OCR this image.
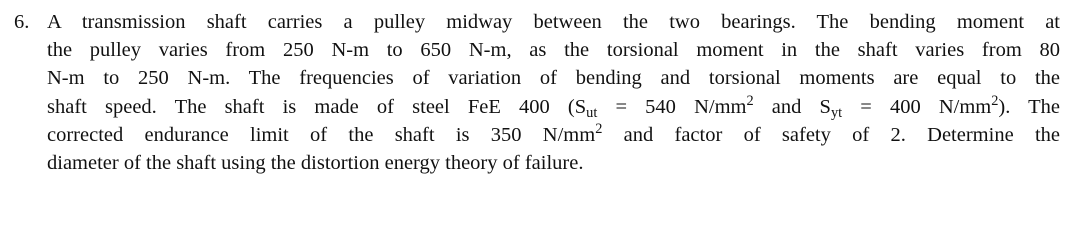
6. A transmission shaft carries a pulley midway between the two bearings. The bending moment at
the pulley varies from 250 N-m to 650 N-m, as the torsional moment in the shaft varies from 80
N-m to 250 N-m. The frequencies of variation of bending and torsional moments are equal to the
shaft speed. The shaft is made of steel FeE 400 ($S_{ut} = 540$ $N/mm^2$ and $S_{yt} = 400$ $N/mm^2$). The
corrected endurance limit of the shaft is 350 $N/mm^2$ and factor of safety of 2. Determine the
diameter of the shaft using the distortion energy theory of failure.
